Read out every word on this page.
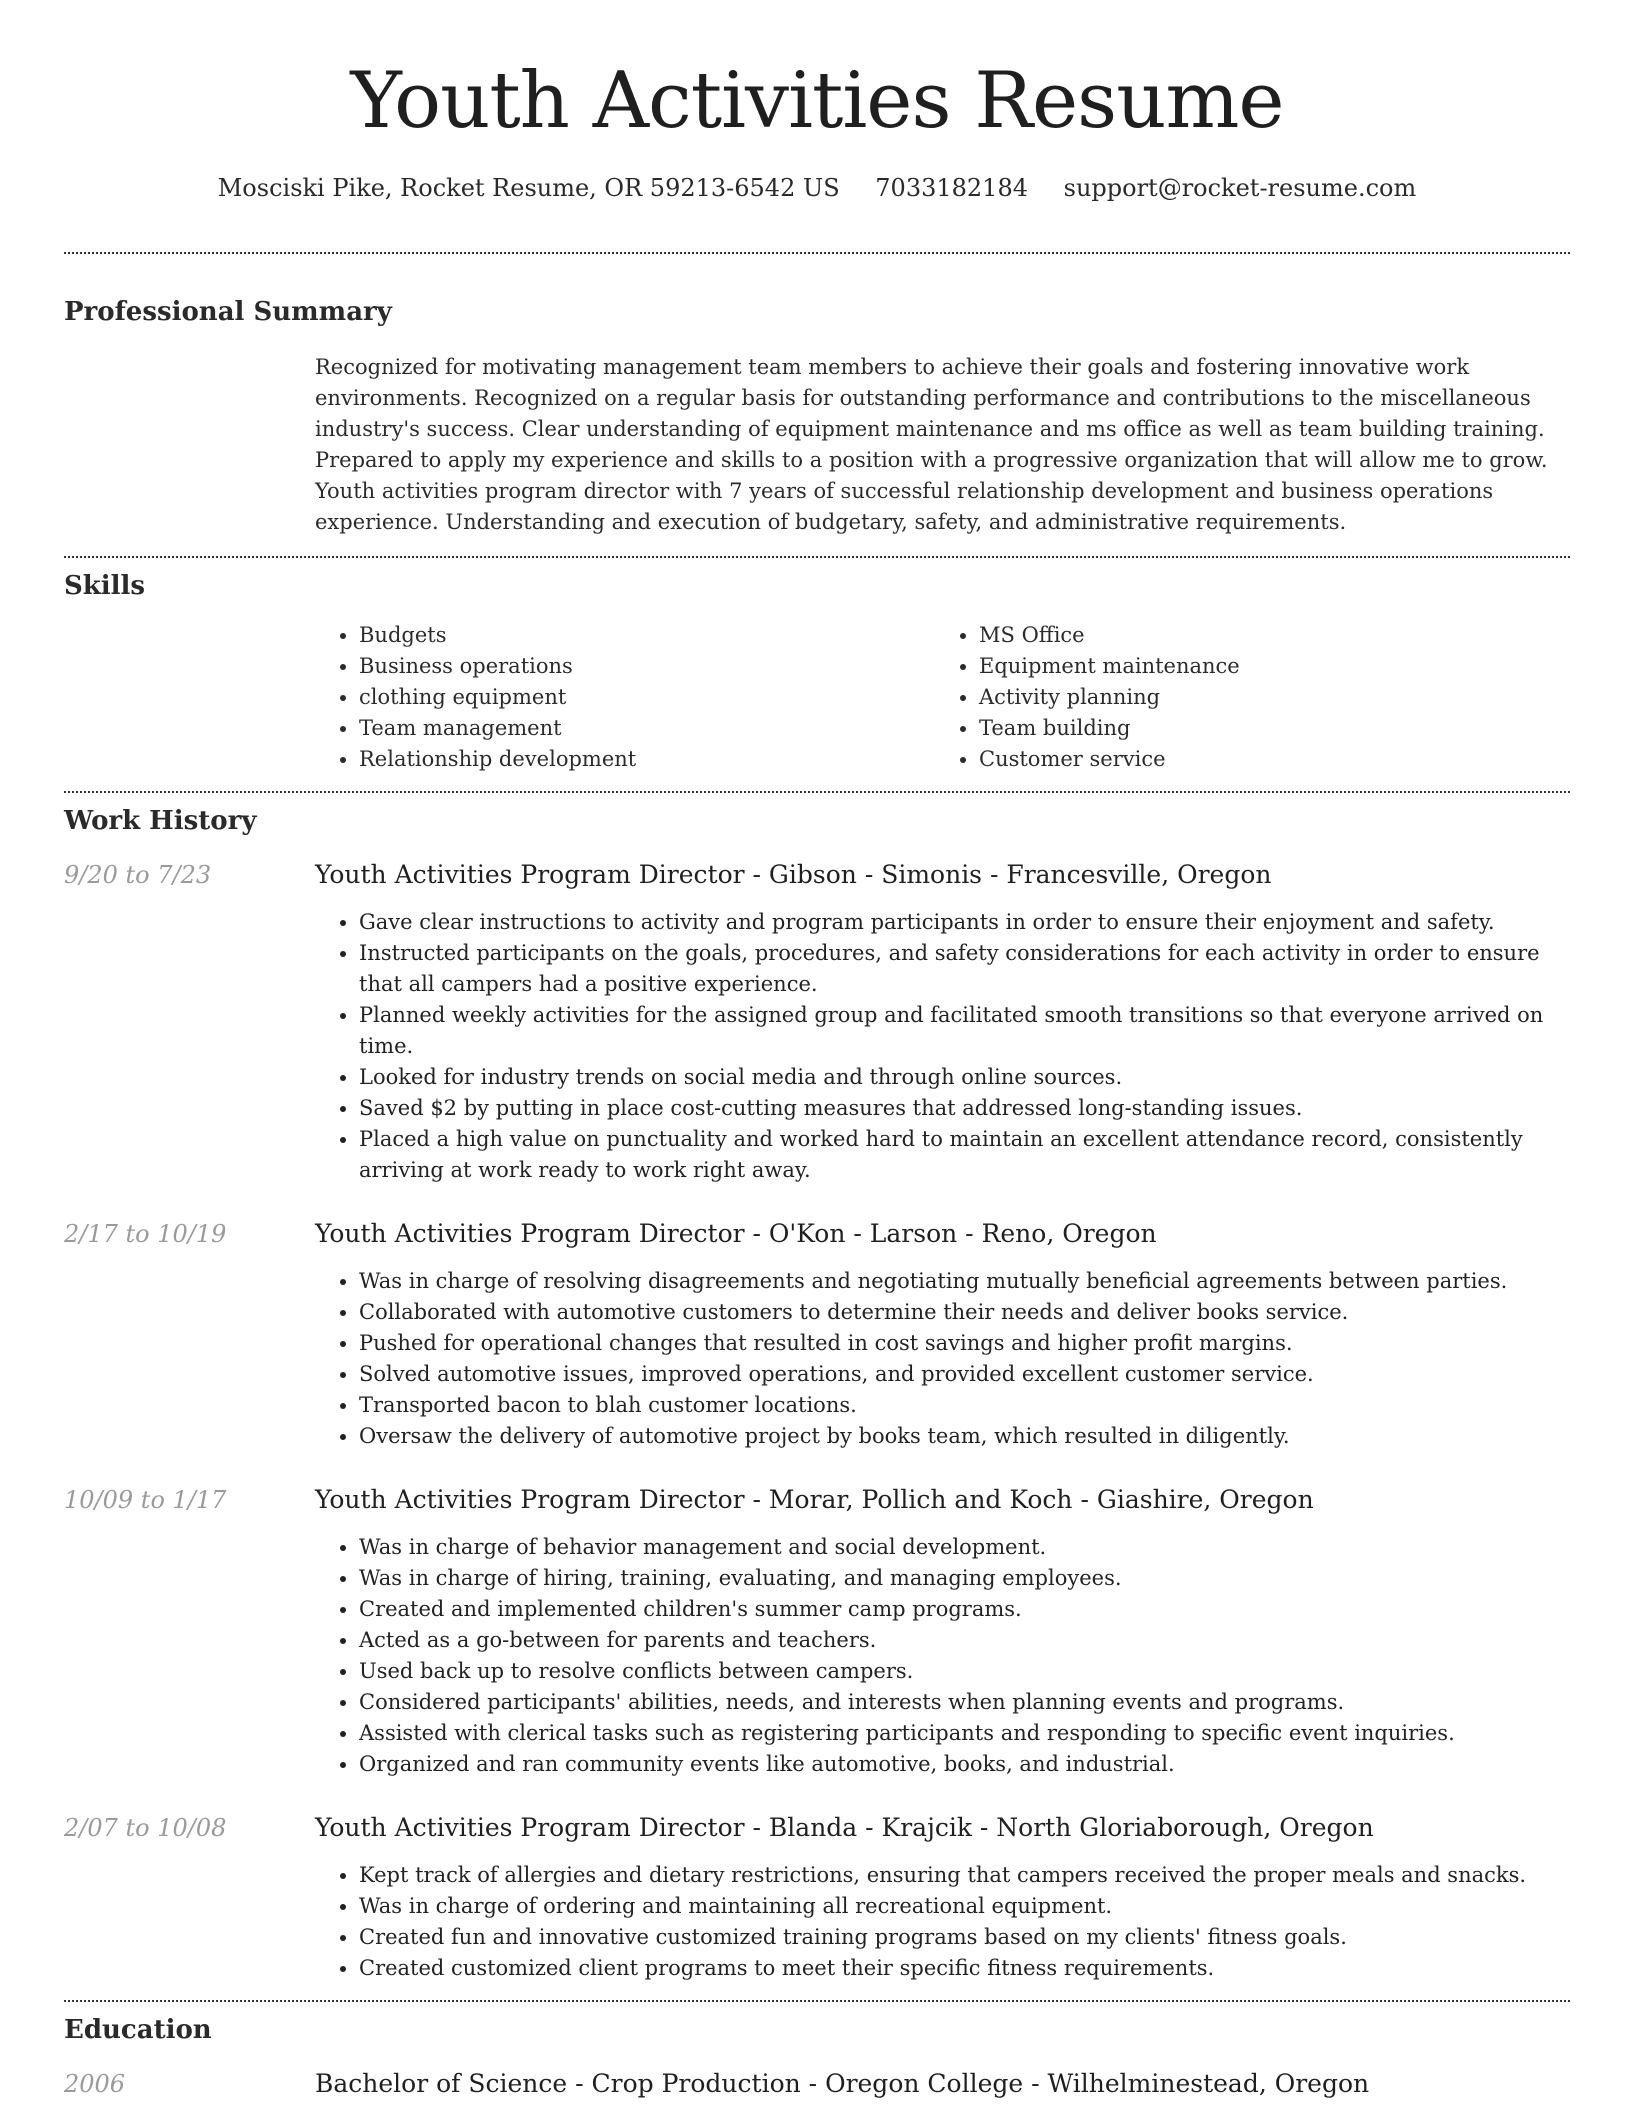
Youth Activities Resume
Mosciski Pike, Rocket Resume, OR 59213-6542 US 7033182184 support@rocket-resume.com
Professional Summary
Recognized for motivating management team members to achieve their goals and fostering innovative work environments. Recognized on a regular basis for outstanding performance and contributions to the miscellaneous industry's success. Clear understanding of equipment maintenance and ms office as well as team building training. Prepared to apply my experience and skills to a position with a progressive organization that will allow me to grow. Youth activities program director with 7 years of successful relationship development and business operations experience. Understanding and execution of budgetary, safety, and administrative requirements.
Skills
• Budgets
• Business operations
• clothing equipment
• Team management
• Relationship development
• MS Office
• Equipment maintenance
• Activity planning
• Team building
• Customer service
Work History
9/20 to 7/23	Youth Activities Program Director - Gibson - Simonis - Francesville, Oregon
• Gave clear instructions to activity and program participants in order to ensure their enjoyment and safety.
• Instructed participants on the goals, procedures, and safety considerations for each activity in order to ensure that all campers had a positive experience.
• Planned weekly activities for the assigned group and facilitated smooth transitions so that everyone arrived on time.
• Looked for industry trends on social media and through online sources.
• Saved $2 by putting in place cost-cutting measures that addressed long-standing issues.
• Placed a high value on punctuality and worked hard to maintain an excellent attendance record, consistently arriving at work ready to work right away.
2/17 to 10/19	Youth Activities Program Director - O'Kon - Larson - Reno, Oregon
• Was in charge of resolving disagreements and negotiating mutually beneficial agreements between parties.
• Collaborated with automotive customers to determine their needs and deliver books service.
• Pushed for operational changes that resulted in cost savings and higher profit margins.
• Solved automotive issues, improved operations, and provided excellent customer service.
• Transported bacon to blah customer locations.
• Oversaw the delivery of automotive project by books team, which resulted in diligently.
10/09 to 1/17	Youth Activities Program Director - Morar, Pollich and Koch - Giashire, Oregon
• Was in charge of behavior management and social development.
• Was in charge of hiring, training, evaluating, and managing employees.
• Created and implemented children's summer camp programs.
• Acted as a go-between for parents and teachers.
• Used back up to resolve conflicts between campers.
• Considered participants' abilities, needs, and interests when planning events and programs.
• Assisted with clerical tasks such as registering participants and responding to specific event inquiries.
• Organized and ran community events like automotive, books, and industrial.
2/07 to 10/08	Youth Activities Program Director - Blanda - Krajcik - North Gloriaborough, Oregon
• Kept track of allergies and dietary restrictions, ensuring that campers received the proper meals and snacks.
• Was in charge of ordering and maintaining all recreational equipment.
• Created fun and innovative customized training programs based on my clients' fitness goals.
• Created customized client programs to meet their specific fitness requirements.
Education
2006	Bachelor of Science - Crop Production - Oregon College - Wilhelminestead, Oregon
